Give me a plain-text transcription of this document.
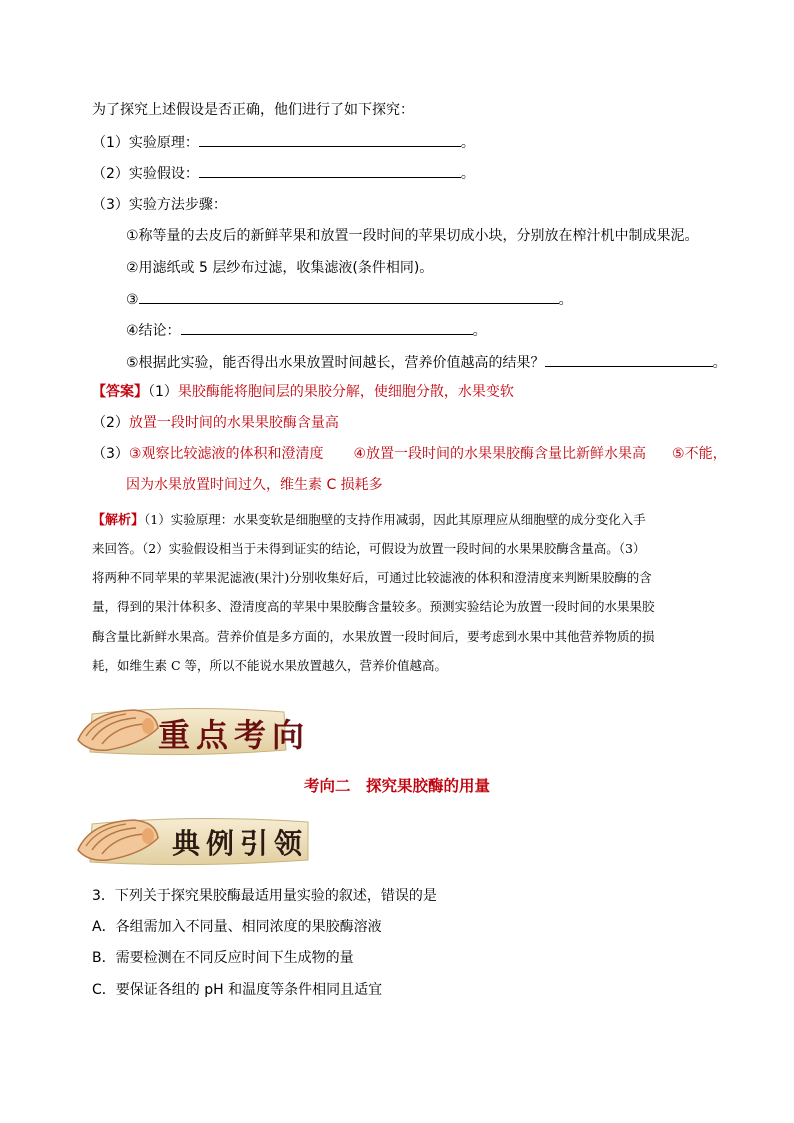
为了探究上述假设是否正确，他们进行了如下探究：
（1）实验原理：	。
（2）实验假设：	。
（3）实验方法步骤：
①称等量的去皮后的新鲜苹果和放置一段时间的苹果切成小块，分别放在榨汁机中制成果泥。
②用滤纸或 5 层纱布过滤，收集滤液(条件相同)。
③	。
④结论：	。
⑤根据此实验，能否得出水果放置时间越长，营养价值越高的结果？	。
【答案】（1）果胶酶能将胞间层的果胶分解，使细胞分散，水果变软
（2）放置一段时间的水果果胶酶含量高
（3）③观察比较滤液的体积和澄清度 ④放置一段时间的水果果胶酶含量比新鲜水果高 ⑤不能，
因为水果放置时间过久，维生素 C 损耗多
【解析】（1）实验原理：水果变软是细胞壁的支持作用减弱，因此其原理应从细胞壁的成分变化入手
来回答。（2）实验假设相当于未得到证实的结论，可假设为放置一段时间的水果果胶酶含量高。（3）
将两种不同苹果的苹果泥滤液(果汁)分别收集好后，可通过比较滤液的体积和澄清度来判断果胶酶的含
量，得到的果汁体积多、澄清度高的苹果中果胶酶含量较多。预测实验结论为放置一段时间的水果果胶
酶含量比新鲜水果高。营养价值是多方面的，水果放置一段时间后，要考虑到水果中其他营养物质的损
耗，如维生素 C 等，所以不能说水果放置越久，营养价值越高。
重点考向
考向二　探究果胶酶的用量
典例引领
3．下列关于探究果胶酶最适用量实验的叙述，错误的是
A．各组需加入不同量、相同浓度的果胶酶溶液
B．需要检测在不同反应时间下生成物的量
C．要保证各组的 pH 和温度等条件相同且适宜
